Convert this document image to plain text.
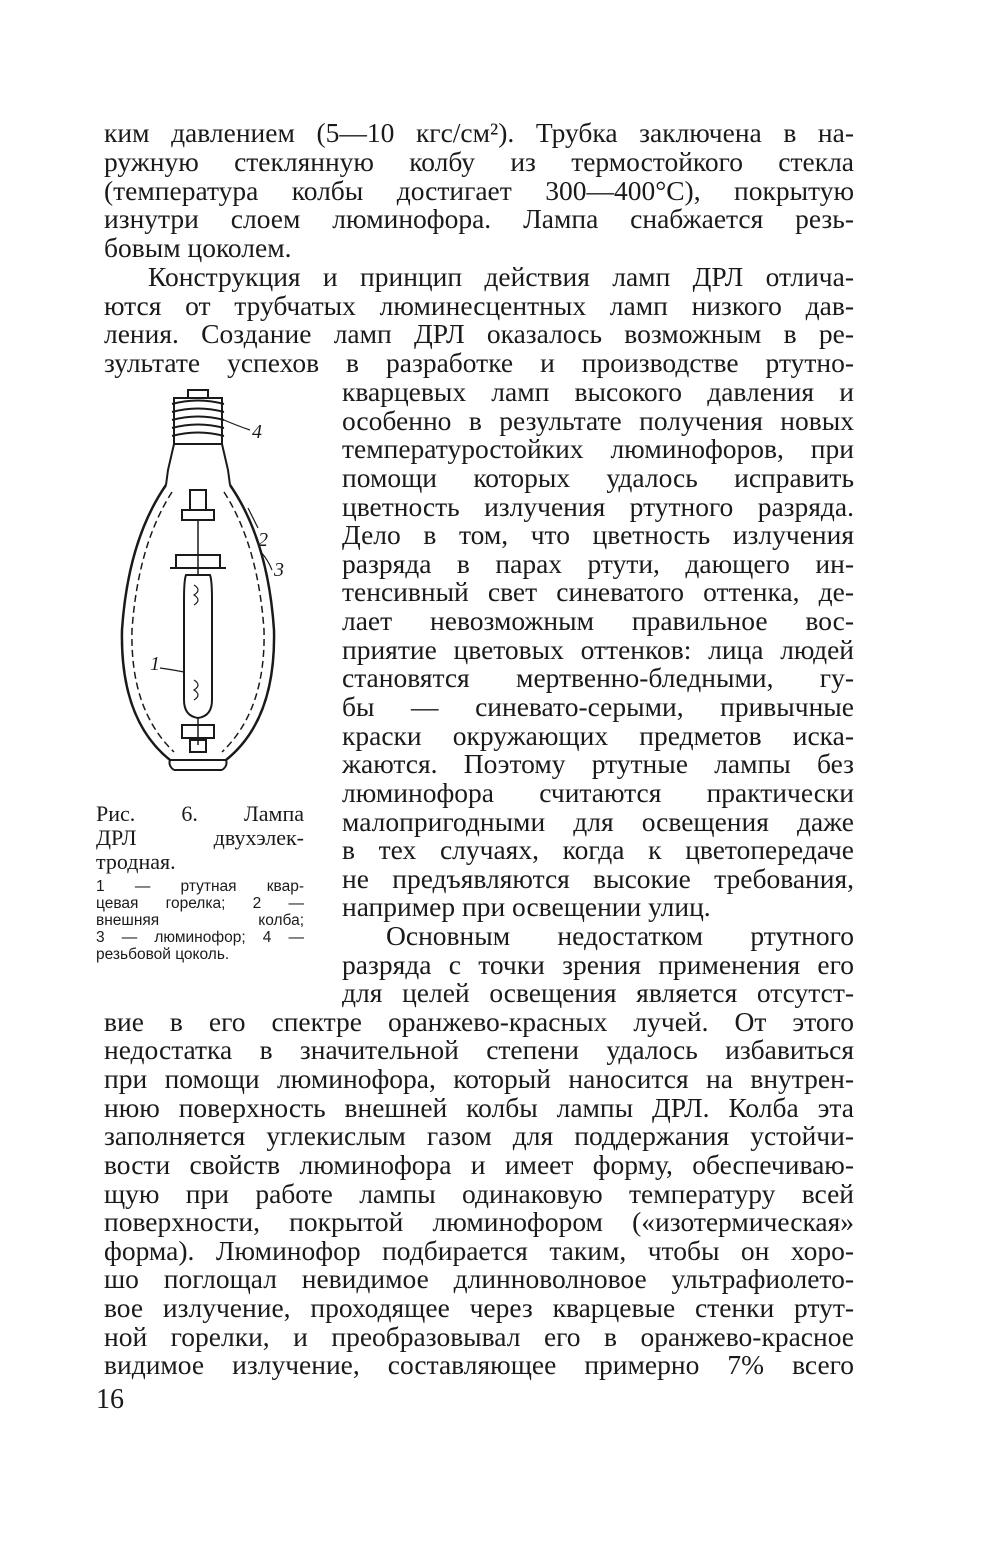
ким давлением (5—10 кгс/см²). Трубка заключена в на-
ружную стеклянную колбу из термостойкого стекла
(температура колбы достигает 300—400°С), покрытую
изнутри слоем люминофора. Лампа снабжается резь-
бовым цоколем.
Конструкция и принцип действия ламп ДРЛ отлича-
ются от трубчатых люминесцентных ламп низкого дав-
ления. Создание ламп ДРЛ оказалось возможным в ре-
зультате успехов в разработке и производстве ртутно-
4
2
3
1
Рис. 6. Лампа
ДРЛ двухэлек-
тродная.
1 — ртутная квар-
цевая горелка; 2 —
внешняя колба;
3 — люминофор; 4 —
резьбовой цоколь.
кварцевых ламп высокого давления и
особенно в результате получения новых
температуростойких люминофоров, при
помощи которых удалось исправить
цветность излучения ртутного разряда.
Дело в том, что цветность излучения
разряда в парах ртути, дающего ин-
тенсивный свет синеватого оттенка, де-
лает невозможным правильное вос-
приятие цветовых оттенков: лица людей
становятся мертвенно-бледными, гу-
бы — синевато-серыми, привычные
краски окружающих предметов иска-
жаются. Поэтому ртутные лампы без
люминофора считаются практически
малопригодными для освещения даже
в тех случаях, когда к цветопередаче
не предъявляются высокие требования,
например при освещении улиц.
Основным недостатком ртутного
разряда с точки зрения применения его
для целей освещения является отсутст-
вие в его спектре оранжево-красных лучей. От этого
недостатка в значительной степени удалось избавиться
при помощи люминофора, который наносится на внутрен-
нюю поверхность внешней колбы лампы ДРЛ. Колба эта
заполняется углекислым газом для поддержания устойчи-
вости свойств люминофора и имеет форму, обеспечиваю-
щую при работе лампы одинаковую температуру всей
поверхности, покрытой люминофором («изотермическая»
форма). Люминофор подбирается таким, чтобы он хоро-
шо поглощал невидимое длинноволновое ультрафиолето-
вое излучение, проходящее через кварцевые стенки ртут-
ной горелки, и преобразовывал его в оранжево-красное
видимое излучение, составляющее примерно 7% всего
16
